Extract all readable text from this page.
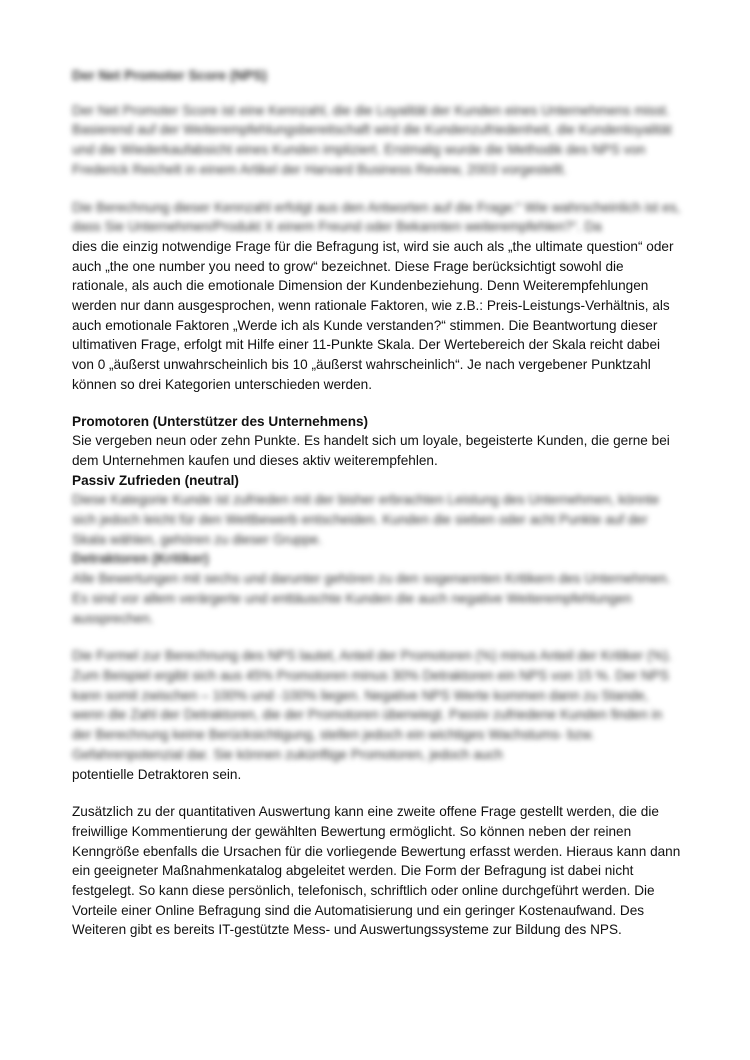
Der Net Promoter Score (NPS)

Der Net Promoter Score ist eine Kennzahl, die die Loyalität der Kunden eines Unternehmens misst. Basierend auf der Weiterempfehlungsbereitschaft wird die Kundenzufriedenheit, die Kundenloyalität und die Wiederkaufabsicht eines Kunden impliziert. Erstmalig wurde die Methodik des NPS von Frederick Reichelt in einem Artikel der Harvard Business Review, 2003 vorgestellt.

Die Berechnung dieser Kennzahl erfolgt aus den Antworten auf die Frage:“ Wie wahrscheinlich ist es, dass Sie Unternehmen/Produkt X einem Freund oder Bekannten weiterempfehlen?“. Da

dies die einzig notwendige Frage für die Befragung ist, wird sie auch als „the ultimate question“ oder auch „the one number you need to grow“ bezeichnet. Diese Frage berücksichtigt sowohl die rationale, als auch die emotionale Dimension der Kundenbeziehung. Denn Weiterempfehlungen werden nur dann ausgesprochen, wenn rationale Faktoren, wie z.B.: Preis-Leistungs-Verhältnis, als auch emotionale Faktoren „Werde ich als Kunde verstanden?“ stimmen. Die Beantwortung dieser ultimativen Frage, erfolgt mit Hilfe einer 11-Punkte Skala. Der Wertebereich der Skala reicht dabei von 0 „äußerst unwahrscheinlich bis 10 „äußerst wahrscheinlich“. Je nach vergebener Punktzahl können so drei Kategorien unterschieden werden.

Promotoren (Unterstützer des Unternehmens)

Sie vergeben neun oder zehn Punkte. Es handelt sich um loyale, begeisterte Kunden, die gerne bei dem Unternehmen kaufen und dieses aktiv weiterempfehlen.

Passiv Zufrieden (neutral)

Diese Kategorie Kunde ist zufrieden mit der bisher erbrachten Leistung des Unternehmen, könnte sich jedoch leicht für den Wettbewerb entscheiden. Kunden die sieben oder acht Punkte auf der Skala wählen, gehören zu dieser Gruppe.

Detraktoren (Kritiker)

Alle Bewertungen mit sechs und darunter gehören zu den sogenannten Kritikern des Unternehmen. Es sind vor allem verärgerte und enttäuschte Kunden die auch negative Weiterempfehlungen aussprechen.

Die Formel zur Berechnung des NPS lautet, Anteil der Promotoren (%) minus Anteil der Kritiker (%). Zum Beispiel ergibt sich aus 45% Promotoren minus 30% Detraktoren ein NPS von 15 %. Der NPS kann somit zwischen – 100% und -100% liegen. Negative NPS Werte kommen dann zu Stande, wenn die Zahl der Detraktoren, die der Promotoren überwiegt. Passiv zufriedene Kunden finden in der Berechnung keine Berücksichtigung, stellen jedoch ein wichtiges Wachstums- bzw. Gefahrenpotenzial dar. Sie können zukünftige Promotoren, jedoch auch

potentielle Detraktoren sein.

Zusätzlich zu der quantitativen Auswertung kann eine zweite offene Frage gestellt werden, die die freiwillige Kommentierung der gewählten Bewertung ermöglicht. So können neben der reinen Kenngröße ebenfalls die Ursachen für die vorliegende Bewertung erfasst werden. Hieraus kann dann ein geeigneter Maßnahmenkatalog abgeleitet werden. Die Form der Befragung ist dabei nicht festgelegt. So kann diese persönlich, telefonisch, schriftlich oder online durchgeführt werden. Die Vorteile einer Online Befragung sind die Automatisierung und ein geringer Kostenaufwand. Des Weiteren gibt es bereits IT-gestützte Mess- und Auswertungssysteme zur Bildung des NPS.
